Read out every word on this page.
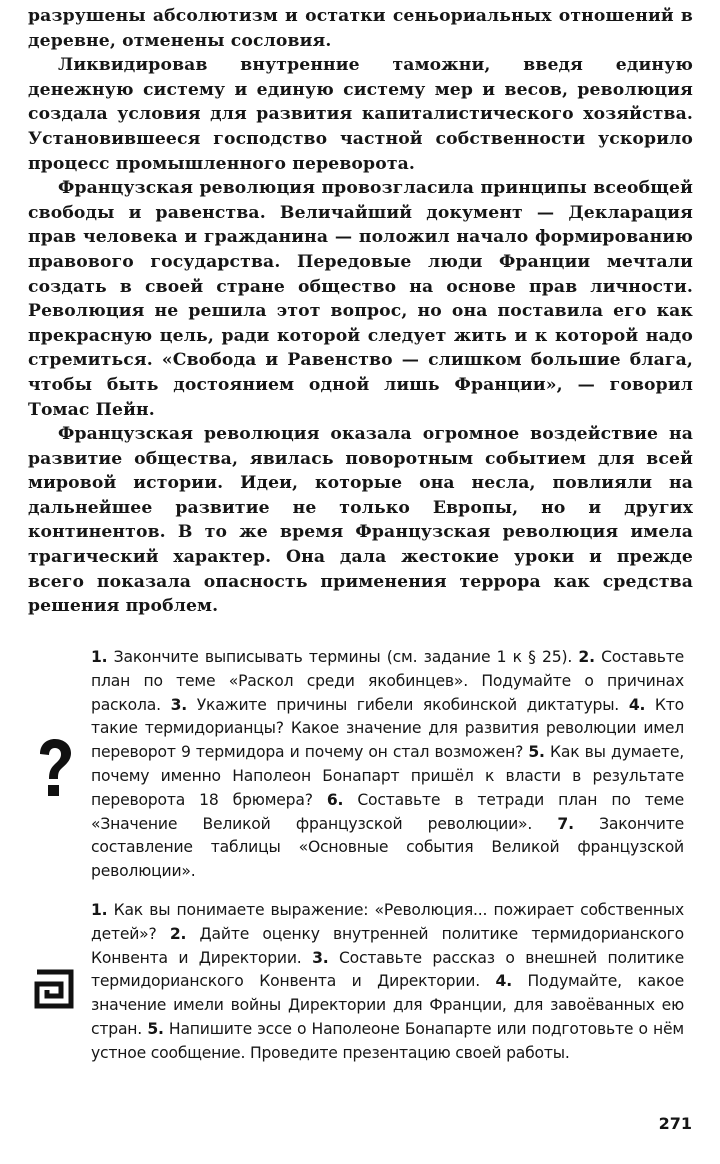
разрушены абсолютизм и остатки сеньориальных отношений в деревне, отменены сословия.

Ликвидировав внутренние таможни, введя единую денежную систему и единую систему мер и весов, революция создала условия для развития капиталистического хозяйства. Установившееся господство частной собственности ускорило процесс промышленного переворота.

Французская революция провозгласила принципы всеобщей свободы и равенства. Величайший документ — Декларация прав человека и гражданина — положил начало формированию правового государства. Передовые люди Франции мечтали создать в своей стране общество на основе прав личности. Революция не решила этот вопрос, но она поставила его как прекрасную цель, ради которой следует жить и к которой надо стремиться. «Свобода и Равенство — слишком большие блага, чтобы быть достоянием одной лишь Франции», — говорил Томас Пейн.

Французская революция оказала огромное воздействие на развитие общества, явилась поворотным событием для всей мировой истории. Идеи, которые она несла, повлияли на дальнейшее развитие не только Европы, но и других континентов. В то же время Французская революция имела трагический характер. Она дала жестокие уроки и прежде всего показала опасность применения террора как средства решения проблем.

1. Закончите выписывать термины (см. задание 1 к § 25). 2. Составьте план по теме «Раскол среди якобинцев». Подумайте о причинах раскола. 3. Укажите причины гибели якобинской диктатуры. 4. Кто такие термидорианцы? Какое значение для развития революции имел переворот 9 термидора и почему он стал возможен? 5. Как вы думаете, почему именно Наполеон Бонапарт пришёл к власти в результате переворота 18 брюмера? 6. Составьте в тетради план по теме «Значение Великой французской революции». 7. Закончите составление таблицы «Основные события Великой французской революции».

1. Как вы понимаете выражение: «Революция... пожирает собственных детей»? 2. Дайте оценку внутренней политике термидорианского Конвента и Директории. 3. Составьте рассказ о внешней политике термидорианского Конвента и Директории. 4. Подумайте, какое значение имели войны Директории для Франции, для завоёванных ею стран. 5. Напишите эссе о Наполеоне Бонапарте или подготовьте о нём устное сообщение. Проведите презентацию своей работы.

271
